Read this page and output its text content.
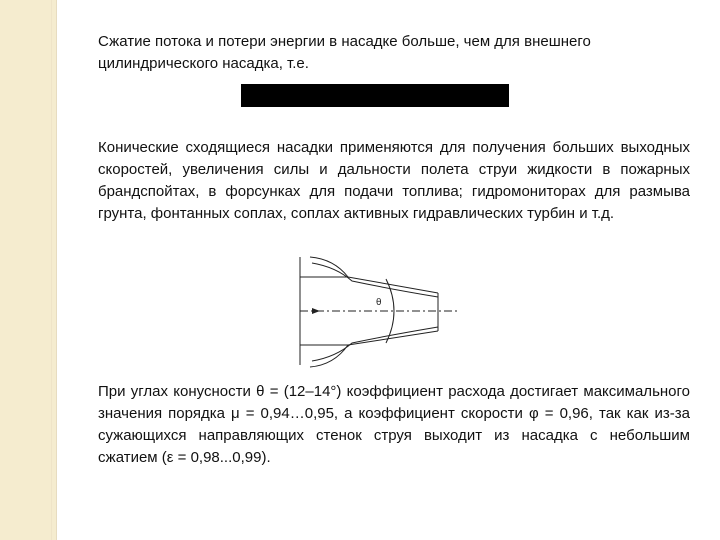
Сжатие потока и потери энергии в насадке больше, чем для внешнего цилиндрического насадка, т.е.
Конические сходящиеся насадки применяются для получения больших выходных скоростей, увеличения силы и дальности полета струи жидкости в пожарных брандспойтах, в форсунках для подачи топлива; гидромониторах для размыва грунта, фонтанных соплах, соплах активных гидравлических турбин и т.д.
θ
При углах конусности θ = (12–14°) коэффициент расхода достигает максимального значения порядка μ = 0,94…0,95, а коэффициент скорости φ = 0,96, так как из-за сужающихся направляющих стенок струя выходит из насадка с небольшим сжатием (ε = 0,98...0,99).
